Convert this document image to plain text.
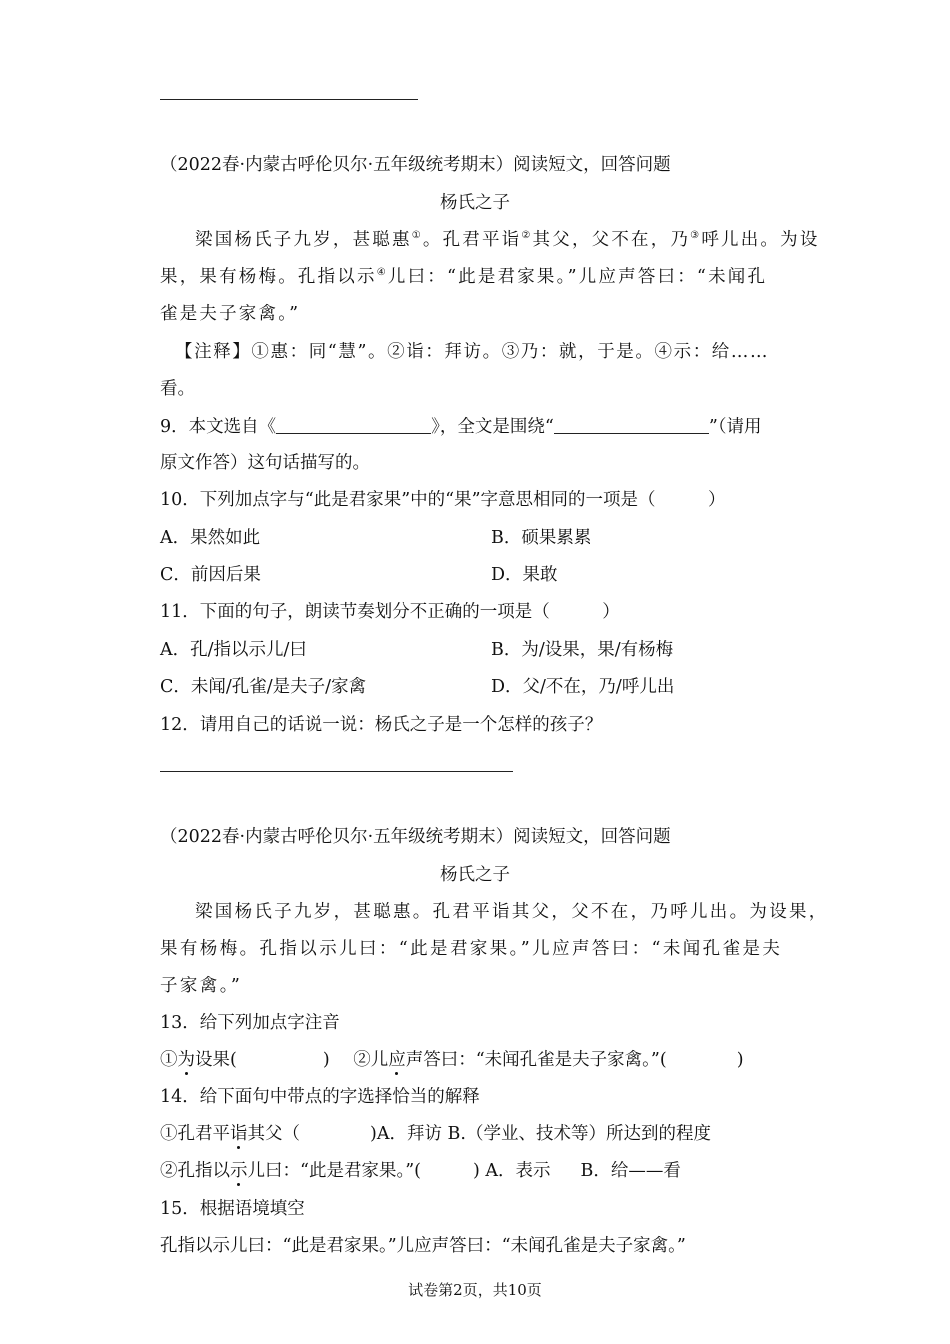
（2022春·内蒙古呼伦贝尔·五年级统考期末）阅读短文，回答问题
杨氏之子
梁国杨氏子九岁，甚聪惠①。孔君平诣②其父，父不在，乃③呼儿出。为设
果，果有杨梅。孔指以示④儿曰：“此是君家果。”儿应声答曰：“未闻孔
雀是夫子家禽。”
【注释】①惠：同“慧”。②诣：拜访。③乃：就，于是。④示：给……
看。
9．本文选自《	》，全文是围绕“	”（请用
原文作答）这句话描写的。
10．下列加点字与“此是君家果”中的“果”字意思相同的一项是（　　　）
A．果然如此	B．硕果累累
C．前因后果	D．果敢
11．下面的句子，朗读节奏划分不正确的一项是（　　　）
A．孔/指以示儿/曰	B．为/设果，果/有杨梅
C．未闻/孔雀/是夫子/家禽	D．父/不在，乃/呼儿出
12．请用自己的话说一说：杨氏之子是一个怎样的孩子？
（2022春·内蒙古呼伦贝尔·五年级统考期末）阅读短文，回答问题
杨氏之子
梁国杨氏子九岁，甚聪惠。孔君平诣其父，父不在，乃呼儿出。为设果，
果有杨梅。孔指以示儿曰：“此是君家果。”儿应声答曰：“未闻孔雀是夫
子家禽。”
13．给下列加点字注音
①为设果(	) ②儿应声答曰：“未闻孔雀是夫子家禽。”(	)
14．给下面句中带点的字选择恰当的解释
①孔君平诣其父（	)A．拜访 B.（学业、技术等）所达到的程度
②孔指以示儿曰：“此是君家果。”(	) A．表示 B．给——看
15．根据语境填空
孔指以示儿曰：“此是君家果。”儿应声答曰：“未闻孔雀是夫子家禽。”
试卷第2页，共10页
